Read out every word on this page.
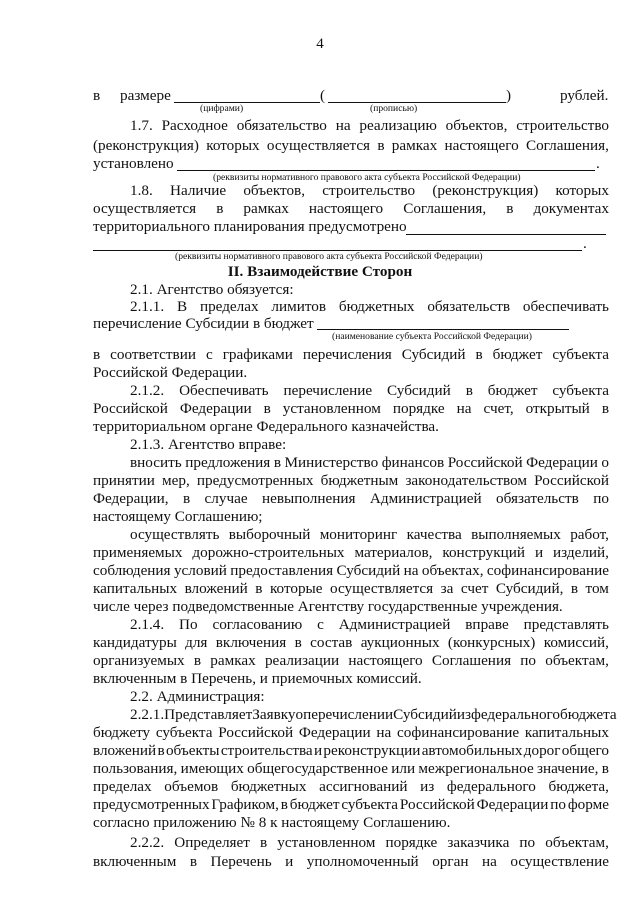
4
в размере	(	)	рублей.
(цифрами)	(прописью)
1.7. Расходное обязательство на реализацию объектов, строительство
(реконструкция) которых осуществляется в рамках настоящего Соглашения,
установлено	.
(реквизиты нормативного правового акта субъекта Российской Федерации)
1.8. Наличие объектов, строительство (реконструкция) которых
осуществляется в рамках настоящего Соглашения, в документах
территориального планирования предусмотрено
.
(реквизиты нормативного правового акта субъекта Российской Федерации)
II. Взаимодействие Сторон
2.1. Агентство обязуется:
2.1.1. В пределах лимитов бюджетных обязательств обеспечивать
перечисление Субсидии в бюджет
(наименование субъекта Российской Федерации)
в соответствии с графиками перечисления Субсидий в бюджет субъекта
Российской Федерации.
2.1.2. Обеспечивать перечисление Субсидий в бюджет субъекта
Российской Федерации в установленном порядке на счет, открытый в
территориальном органе Федерального казначейства.
2.1.3. Агентство вправе:
вносить предложения в Министерство финансов Российской Федерации о
принятии мер, предусмотренных бюджетным законодательством Российской
Федерации, в случае невыполнения Администрацией обязательств по
настоящему Соглашению;
осуществлять выборочный мониторинг качества выполняемых работ,
применяемых дорожно-строительных материалов, конструкций и изделий,
соблюдения условий предоставления Субсидий на объектах, софинансирование
капитальных вложений в которые осуществляется за счет Субсидий, в том
числе через подведомственные Агентству государственные учреждения.
2.1.4. По согласованию с Администрацией вправе представлять
кандидатуры для включения в состав аукционных (конкурсных) комиссий,
организуемых в рамках реализации настоящего Соглашения по объектам,
включенным в Перечень, и приемочных комиссий.
2.2. Администрация:
2.2.1. Представляет Заявку о перечислении Субсидий из федерального бюджета
бюджету субъекта Российской Федерации на софинансирование капитальных
вложений в объекты строительства и реконструкции автомобильных дорог общего
пользования, имеющих общегосударственное или межрегиональное значение, в
пределах объемов бюджетных ассигнований из федерального бюджета,
предусмотренных Графиком, в бюджет субъекта Российской Федерации по форме
согласно приложению № 8 к настоящему Соглашению.
2.2.2. Определяет в установленном порядке заказчика по объектам,
включенным в Перечень и уполномоченный орган на осуществление
